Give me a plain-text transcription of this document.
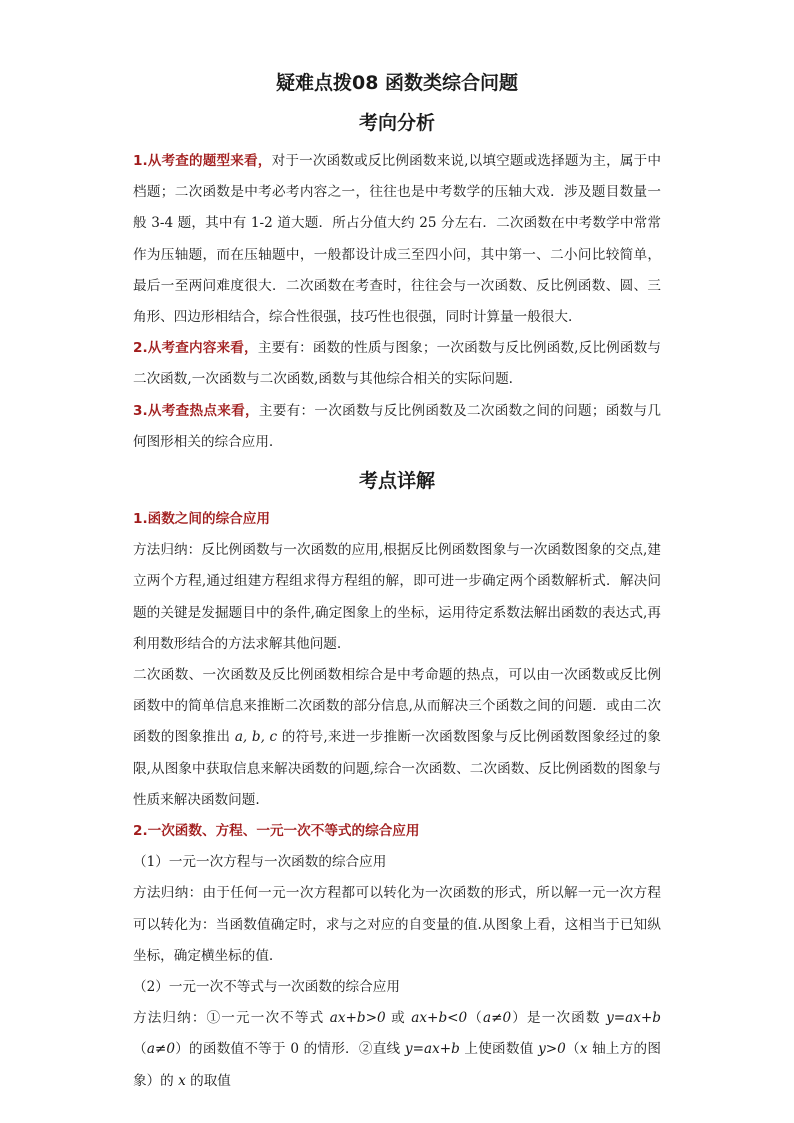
疑难点拨08 函数类综合问题
考向分析

1.从考查的题型来看，对于一次函数或反比例函数来说,以填空题或选择题为主，属于中档题；二次函数是中考必考内容之一，往往也是中考数学的压轴大戏．涉及题目数量一般 3-4 题，其中有 1-2 道大题．所占分值大约 25 分左右．二次函数在中考数学中常常作为压轴题，而在压轴题中，一般都设计成三至四小问，其中第一、二小问比较简单，最后一至两问难度很大．二次函数在考查时，往往会与一次函数、反比例函数、圆、三角形、四边形相结合，综合性很强，技巧性也很强，同时计算量一般很大.

2.从考查内容来看，主要有：函数的性质与图象；一次函数与反比例函数,反比例函数与二次函数,一次函数与二次函数,函数与其他综合相关的实际问题.

3.从考查热点来看，主要有：一次函数与反比例函数及二次函数之间的问题；函数与几何图形相关的综合应用.

考点详解

1.函数之间的综合应用

方法归纳：反比例函数与一次函数的应用,根据反比例函数图象与一次函数图象的交点,建立两个方程,通过组建方程组求得方程组的解，即可进一步确定两个函数解析式．解决问题的关键是发掘题目中的条件,确定图象上的坐标，运用待定系数法解出函数的表达式,再利用数形结合的方法求解其他问题.

二次函数、一次函数及反比例函数相综合是中考命题的热点，可以由一次函数或反比例函数中的简单信息来推断二次函数的部分信息,从而解决三个函数之间的问题．或由二次函数的图象推出 a, b, c 的符号,来进一步推断一次函数图象与反比例函数图象经过的象限,从图象中获取信息来解决函数的问题,综合一次函数、二次函数、反比例函数的图象与性质来解决函数问题.

2.一次函数、方程、一元一次不等式的综合应用

（1）一元一次方程与一次函数的综合应用

方法归纳：由于任何一元一次方程都可以转化为一次函数的形式，所以解一元一次方程可以转化为：当函数值确定时，求与之对应的自变量的值.从图象上看，这相当于已知纵坐标，确定横坐标的值.

（2）一元一次不等式与一次函数的综合应用

方法归纳：①一元一次不等式 ax+b>0 或 ax+b<0（a≠0）是一次函数 y=ax+b（a≠0）的函数值不等于 0 的情形．②直线 y=ax+b 上使函数值 y>0（x 轴上方的图象）的 x 的取值
